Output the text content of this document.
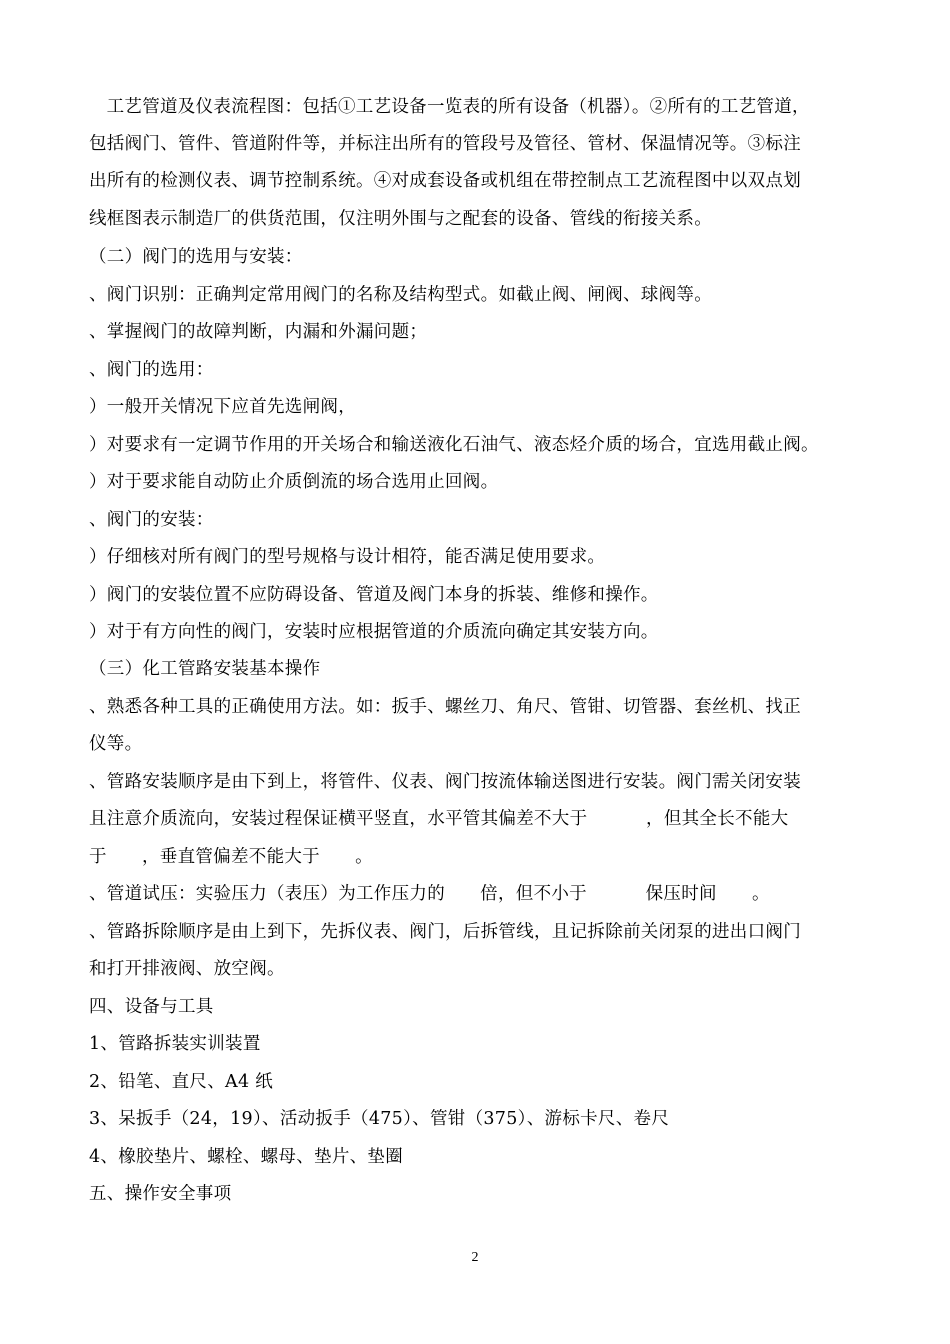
工艺管道及仪表流程图：包括①工艺设备一览表的所有设备（机器）。②所有的工艺管道，
包括阀门、管件、管道附件等，并标注出所有的管段号及管径、管材、保温情况等。③标注
出所有的检测仪表、调节控制系统。④对成套设备或机组在带控制点工艺流程图中以双点划
线框图表示制造厂的供货范围，仅注明外围与之配套的设备、管线的衔接关系。
（二）阀门的选用与安装：
、阀门识别：正确判定常用阀门的名称及结构型式。如截止阀、闸阀、球阀等。
、掌握阀门的故障判断，内漏和外漏问题；
、阀门的选用：
）一般开关情况下应首先选闸阀，
）对要求有一定调节作用的开关场合和输送液化石油气、液态烃介质的场合，宜选用截止阀。
）对于要求能自动防止介质倒流的场合选用止回阀。
、阀门的安装：
）仔细核对所有阀门的型号规格与设计相符，能否满足使用要求。
）阀门的安装位置不应防碍设备、管道及阀门本身的拆装、维修和操作。
）对于有方向性的阀门，安装时应根据管道的介质流向确定其安装方向。
（三）化工管路安装基本操作
、熟悉各种工具的正确使用方法。如：扳手、螺丝刀、角尺、管钳、切管器、套丝机、找正
仪等。
、管路安装顺序是由下到上，将管件、仪表、阀门按流体输送图进行安装。阀门需关闭安装
且注意介质流向，安装过程保证横平竖直，水平管其偏差不大于          ，但其全长不能大
于      ，垂直管偏差不能大于      。
、管道试压：实验压力（表压）为工作压力的      倍，但不小于          保压时间      。
、管路拆除顺序是由上到下，先拆仪表、阀门，后拆管线，且记拆除前关闭泵的进出口阀门
和打开排液阀、放空阀。
四、设备与工具
1、管路拆装实训装置
2、铅笔、直尺、A4 纸
3、呆扳手（24，19）、活动扳手（475）、管钳（375）、游标卡尺、卷尺
4、橡胶垫片、螺栓、螺母、垫片、垫圈
五、操作安全事项
2
